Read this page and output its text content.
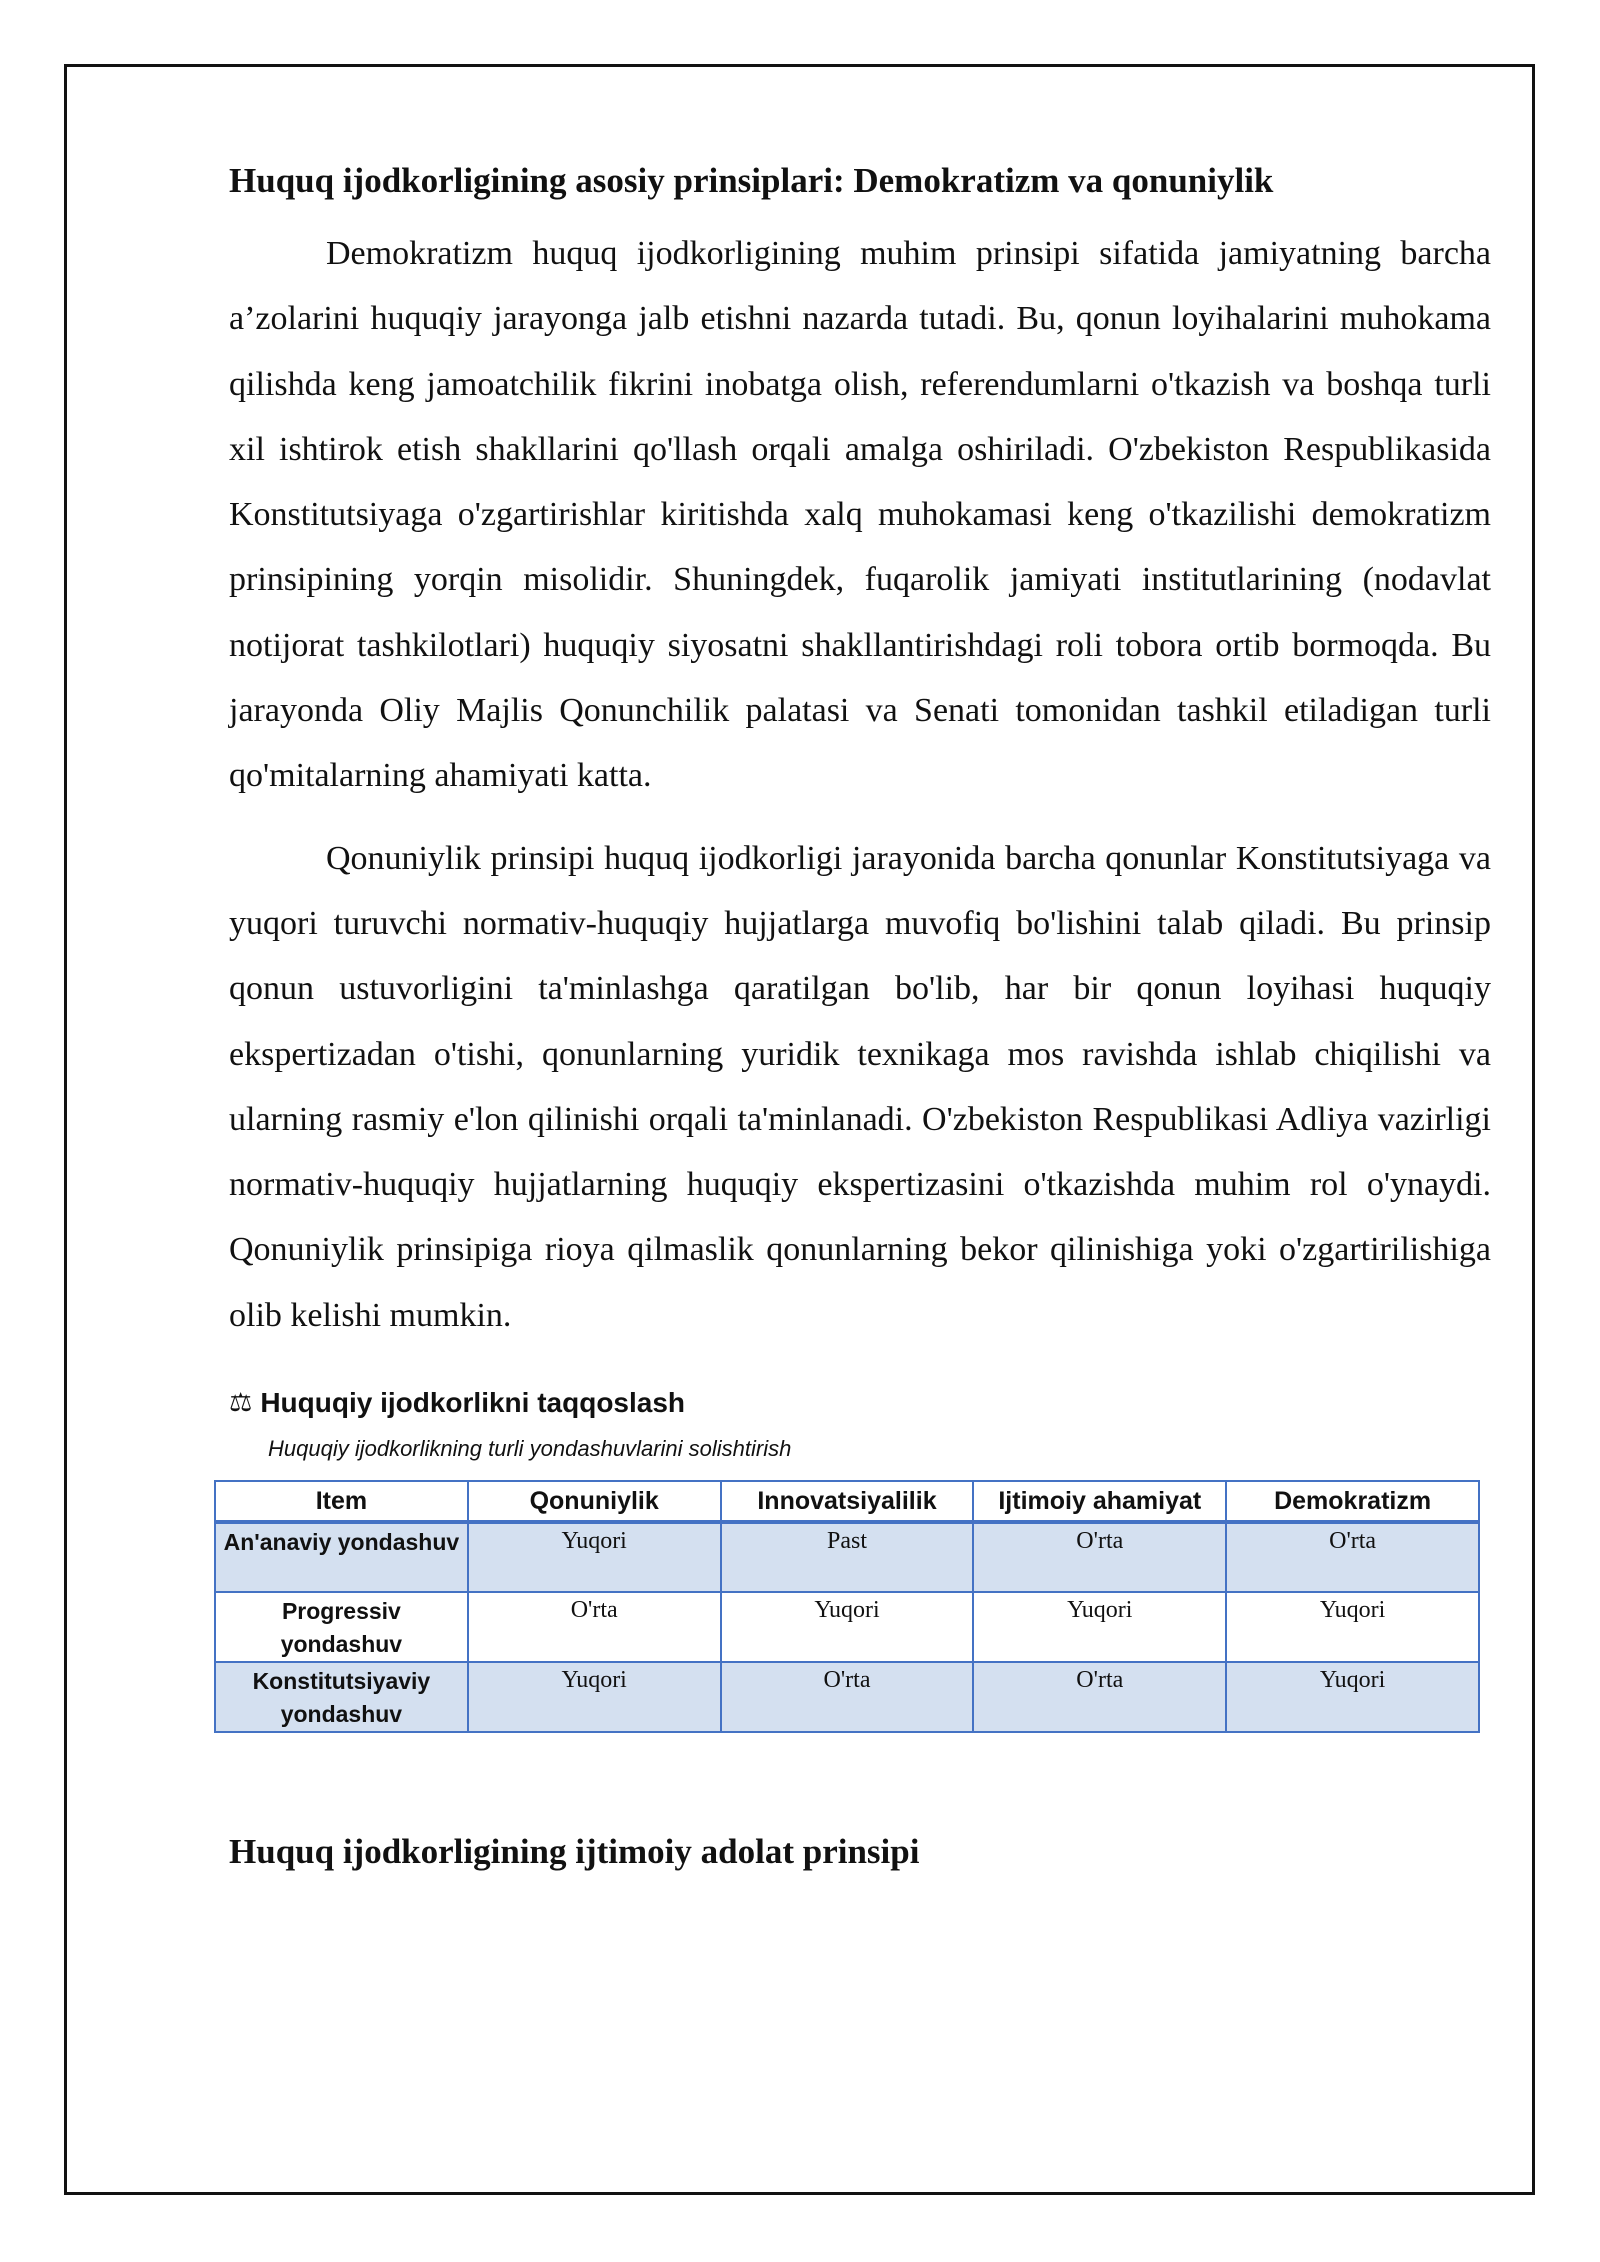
Huquq ijodkorligining asosiy prinsiplari: Demokratizm va qonuniylik

Demokratizm huquq ijodkorligining muhim prinsipi sifatida jamiyatning barcha a’zolarini huquqiy jarayonga jalb etishni nazarda tutadi. Bu, qonun loyihalarini muhokama qilishda keng jamoatchilik fikrini inobatga olish, referendumlarni o'tkazish va boshqa turli xil ishtirok etish shakllarini qo'llash orqali amalga oshiriladi. O'zbekiston Respublikasida Konstitutsiyaga o'zgartirishlar kiritishda xalq muhokamasi keng o'tkazilishi demokratizm prinsipining yorqin misolidir. Shuningdek, fuqarolik jamiyati institutlarining (nodavlat notijorat tashkilotlari) huquqiy siyosatni shakllantirishdagi roli tobora ortib bormoqda. Bu jarayonda Oliy Majlis Qonunchilik palatasi va Senati tomonidan tashkil etiladigan turli qo'mitalarning ahamiyati katta.

Qonuniylik prinsipi huquq ijodkorligi jarayonida barcha qonunlar Konstitutsiyaga va yuqori turuvchi normativ-huquqiy hujjatlarga muvofiq bo'lishini talab qiladi. Bu prinsip qonun ustuvorligini ta'minlashga qaratilgan bo'lib, har bir qonun loyihasi huquqiy ekspertizadan o'tishi, qonunlarning yuridik texnikaga mos ravishda ishlab chiqilishi va ularning rasmiy e'lon qilinishi orqali ta'minlanadi. O'zbekiston Respublikasi Adliya vazirligi normativ-huquqiy hujjatlarning huquqiy ekspertizasini o'tkazishda muhim rol o'ynaydi. Qonuniylik prinsipiga rioya qilmaslik qonunlarning bekor qilinishiga yoki o'zgartirilishiga olib kelishi mumkin.

⚖ Huquqiy ijodkorlikni taqqoslash
Huquqiy ijodkorlikning turli yondashuvlarini solishtirish
Item	Qonuniylik	Innovatsiyalilik	Ijtimoiy ahamiyat	Demokratizm
An'anaviy yondashuv	Yuqori	Past	O'rta	O'rta
Progressiv yondashuv	O'rta	Yuqori	Yuqori	Yuqori
Konstitutsiyaviy yondashuv	Yuqori	O'rta	O'rta	Yuqori
Huquq ijodkorligining ijtimoiy adolat prinsipi
